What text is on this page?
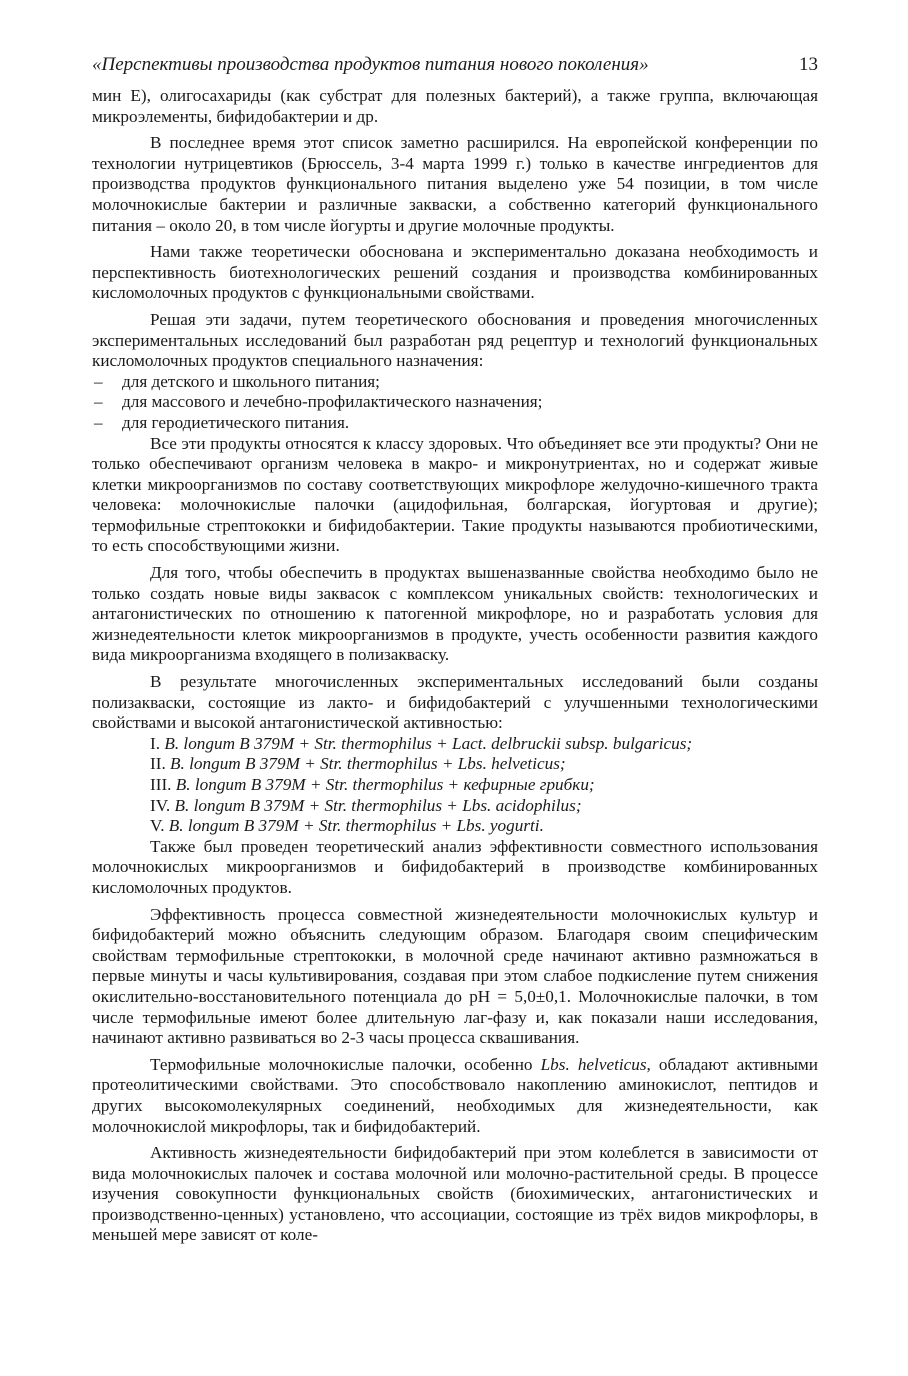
«Перспективы производства продуктов питания нового поколения»	13

мин Е), олигосахариды (как субстрат для полезных бактерий), а также группа, включающая микроэлементы, бифидобактерии и др.

В последнее время этот список заметно расширился. На европейской конференции по технологии нутрицевтиков (Брюссель, 3-4 марта 1999 г.) только в качестве ингредиентов для производства продуктов функционального питания выделено уже 54 позиции, в том числе молочнокислые бактерии и различные закваски, а собственно категорий функционального питания – около 20, в том числе йогурты и другие молочные продукты.

Нами также теоретически обоснована и экспериментально доказана необходимость и перспективность биотехнологических решений создания и производства комбинированных кисломолочных продуктов с функциональными свойствами.

Решая эти задачи, путем теоретического обоснования и проведения многочисленных экспериментальных исследований был разработан ряд рецептур и технологий функциональных кисломолочных продуктов специального назначения:

– для детского и школьного питания;
– для массового и лечебно-профилактического назначения;
– для геродиетического питания.

Все эти продукты относятся к классу здоровых. Что объединяет все эти продукты? Они не только обеспечивают организм человека в макро- и микронутриентах, но и содержат живые клетки микроорганизмов по составу соответствующих микрофлоре желудочно-кишечного тракта человека: молочнокислые палочки (ацидофильная, болгарская, йогуртовая и другие); термофильные стрептококки и бифидобактерии. Такие продукты называются пробиотическими, то есть способствующими жизни.

Для того, чтобы обеспечить в продуктах вышеназванные свойства необходимо было не только создать новые виды заквасок с комплексом уникальных свойств: технологических и антагонистических по отношению к патогенной микрофлоре, но и разработать условия для жизнедеятельности клеток микроорганизмов в продукте, учесть особенности развития каждого вида микроорганизма входящего в полизакваску.

В результате многочисленных экспериментальных исследований были созданы полизакваски, состоящие из лакто- и бифидобактерий с улучшенными технологическими свойствами и высокой антагонистической активностью:

I. B. longum B 379M + Str. thermophilus + Lact. delbruckii subsp. bulgaricus;
II. B. longum B 379M + Str. thermophilus + Lbs. helveticus;
III. B. longum B 379M + Str. thermophilus + кефирные грибки;
IV. B. longum B 379M + Str. thermophilus + Lbs. acidophilus;
V. B. longum B 379M + Str. thermophilus + Lbs. yogurti.

Также был проведен теоретический анализ эффективности совместного использования молочнокислых микроорганизмов и бифидобактерий в производстве комбинированных кисломолочных продуктов.

Эффективность процесса совместной жизнедеятельности молочнокислых культур и бифидобактерий можно объяснить следующим образом. Благодаря своим специфическим свойствам термофильные стрептококки, в молочной среде начинают активно размножаться в первые минуты и часы культивирования, создавая при этом слабое подкисление путем снижения окислительно-восстановительного потенциала до pH = 5,0±0,1. Молочнокислые палочки, в том числе термофильные имеют более длительную лаг-фазу и, как показали наши исследования, начинают активно развиваться во 2-3 часы процесса сквашивания.

Термофильные молочнокислые палочки, особенно Lbs. helveticus, обладают активными протеолитическими свойствами. Это способствовало накоплению аминокислот, пептидов и других высокомолекулярных соединений, необходимых для жизнедеятельности, как молочнокислой микрофлоры, так и бифидобактерий.

Активность жизнедеятельности бифидобактерий при этом колеблется в зависимости от вида молочнокислых палочек и состава молочной или молочно-растительной среды. В процессе изучения совокупности функциональных свойств (биохимических, антагонистических и производственно-ценных) установлено, что ассоциации, состоящие из трёх видов микрофлоры, в меньшей мере зависят от коле-
